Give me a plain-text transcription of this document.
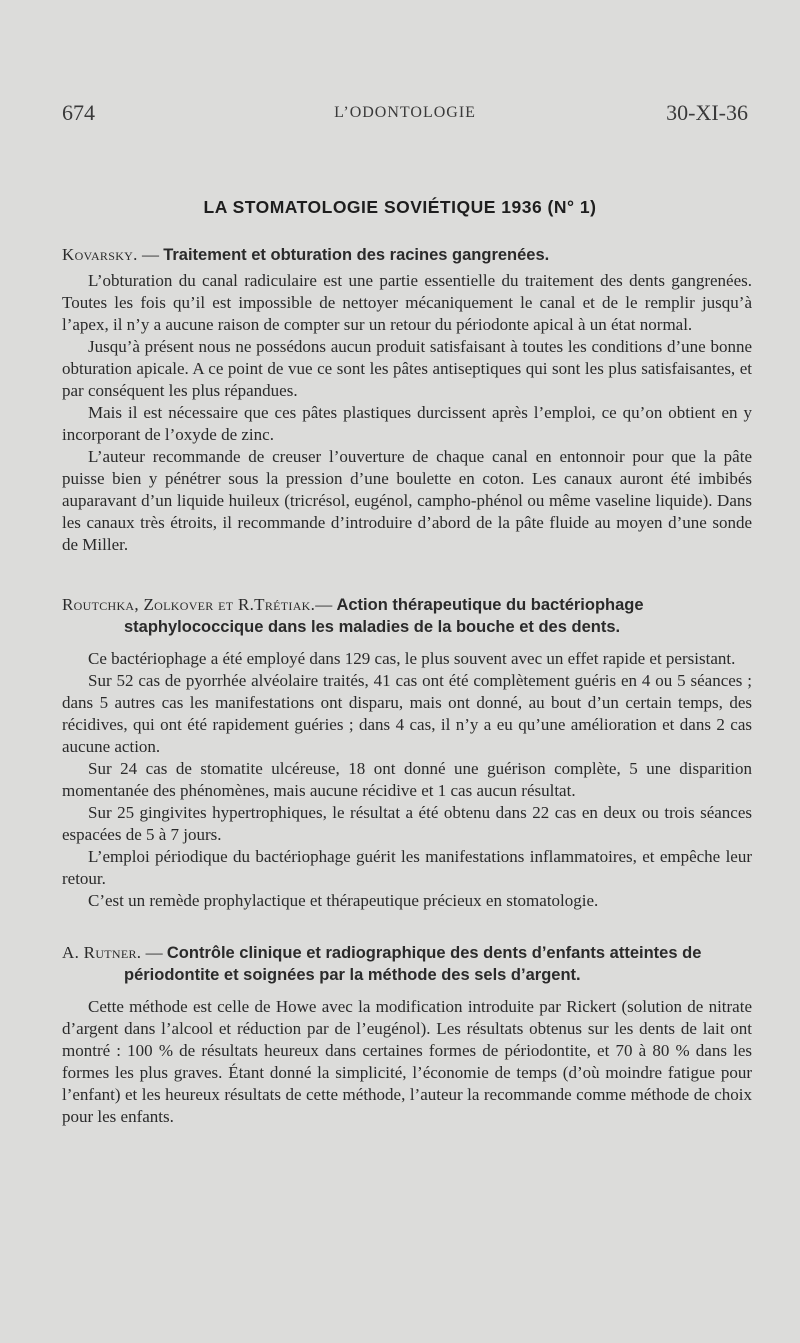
674	L’ODONTOLOGIE	30-XI-36
LA STOMATOLOGIE SOVIÉTIQUE 1936 (N° 1)
Kovarsky. — Traitement et obturation des racines gangrenées.

L’obturation du canal radiculaire est une partie essentielle du traitement des dents gangrenées. Toutes les fois qu’il est impossible de nettoyer mécaniquement le canal et de le remplir jusqu’à l’apex, il n’y a aucune raison de compter sur un retour du périodonte apical à un état normal.

Jusqu’à présent nous ne possédons aucun produit satisfaisant à toutes les conditions d’une bonne obturation apicale. A ce point de vue ce sont les pâtes antiseptiques qui sont les plus satisfaisantes, et par conséquent les plus répandues.

Mais il est nécessaire que ces pâtes plastiques durcissent après l’emploi, ce qu’on obtient en y incorporant de l’oxyde de zinc.

L’auteur recommande de creuser l’ouverture de chaque canal en entonnoir pour que la pâte puisse bien y pénétrer sous la pression d’une boulette en coton. Les canaux auront été imbibés auparavant d’un liquide huileux (tricrésol, eugénol, campho-phénol ou même vaseline liquide). Dans les canaux très étroits, il recommande d’introduire d’abord de la pâte fluide au moyen d’une sonde de Miller.

Routchka, Zolkover et R.Trétiak.— Action thérapeutique du bactériophage staphylococcique dans les maladies de la bouche et des dents.

Ce bactériophage a été employé dans 129 cas, le plus souvent avec un effet rapide et persistant.

Sur 52 cas de pyorrhée alvéolaire traités, 41 cas ont été complètement guéris en 4 ou 5 séances ; dans 5 autres cas les manifestations ont disparu, mais ont donné, au bout d’un certain temps, des récidives, qui ont été rapidement guéries ; dans 4 cas, il n’y a eu qu’une amélioration et dans 2 cas aucune action.

Sur 24 cas de stomatite ulcéreuse, 18 ont donné une guérison complète, 5 une disparition momentanée des phénomènes, mais aucune récidive et 1 cas aucun résultat.

Sur 25 gingivites hypertrophiques, le résultat a été obtenu dans 22 cas en deux ou trois séances espacées de 5 à 7 jours.

L’emploi périodique du bactériophage guérit les manifestations inflammatoires, et empêche leur retour.

C’est un remède prophylactique et thérapeutique précieux en stomatologie.

A. Rutner. — Contrôle clinique et radiographique des dents d’enfants atteintes de périodontite et soignées par la méthode des sels d’argent.

Cette méthode est celle de Howe avec la modification introduite par Rickert (solution de nitrate d’argent dans l’alcool et réduction par de l’eugénol). Les résultats obtenus sur les dents de lait ont montré : 100 % de résultats heureux dans certaines formes de périodontite, et 70 à 80 % dans les formes les plus graves. Étant donné la simplicité, l’économie de temps (d’où moindre fatigue pour l’enfant) et les heureux résultats de cette méthode, l’auteur la recommande comme méthode de choix pour les enfants.
